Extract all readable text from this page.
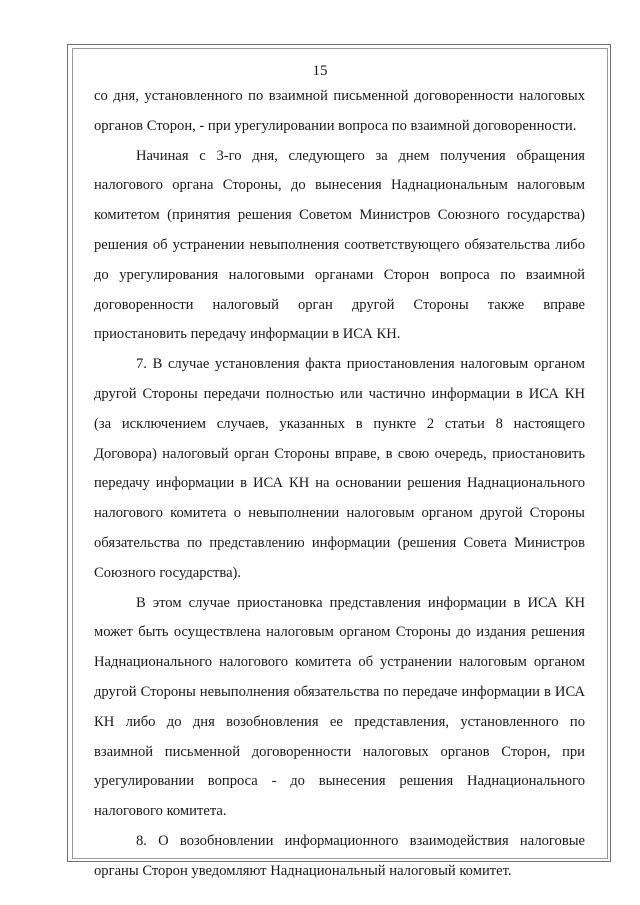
15

со дня, установленного по взаимной письменной договоренности налоговых органов Сторон, - при урегулировании вопроса по взаимной договоренности.

Начиная с 3-го дня, следующего за днем получения обращения налогового органа Стороны, до вынесения Наднациональным налоговым комитетом (принятия решения Советом Министров Союзного государства) решения об устранении невыполнения соответствующего обязательства либо до урегулирования налоговыми органами Сторон вопроса по взаимной договоренности налоговый орган другой Стороны также вправе приостановить передачу информации в ИСА КН.

7. В случае установления факта приостановления налоговым органом другой Стороны передачи полностью или частично информации в ИСА КН (за исключением случаев, указанных в пункте 2 статьи 8 настоящего Договора) налоговый орган Стороны вправе, в свою очередь, приостановить передачу информации в ИСА КН на основании решения Наднационального налогового комитета о невыполнении налоговым органом другой Стороны обязательства по представлению информации (решения Совета Министров Союзного государства).

В этом случае приостановка представления информации в ИСА КН может быть осуществлена налоговым органом Стороны до издания решения Наднационального налогового комитета об устранении налоговым органом другой Стороны невыполнения обязательства по передаче информации в ИСА КН либо до дня возобновления ее представления, установленного по взаимной письменной договоренности налоговых органов Сторон, при урегулировании вопроса - до вынесения решения Наднационального налогового комитета.

8. О возобновлении информационного взаимодействия налоговые органы Сторон уведомляют Наднациональный налоговый комитет.
